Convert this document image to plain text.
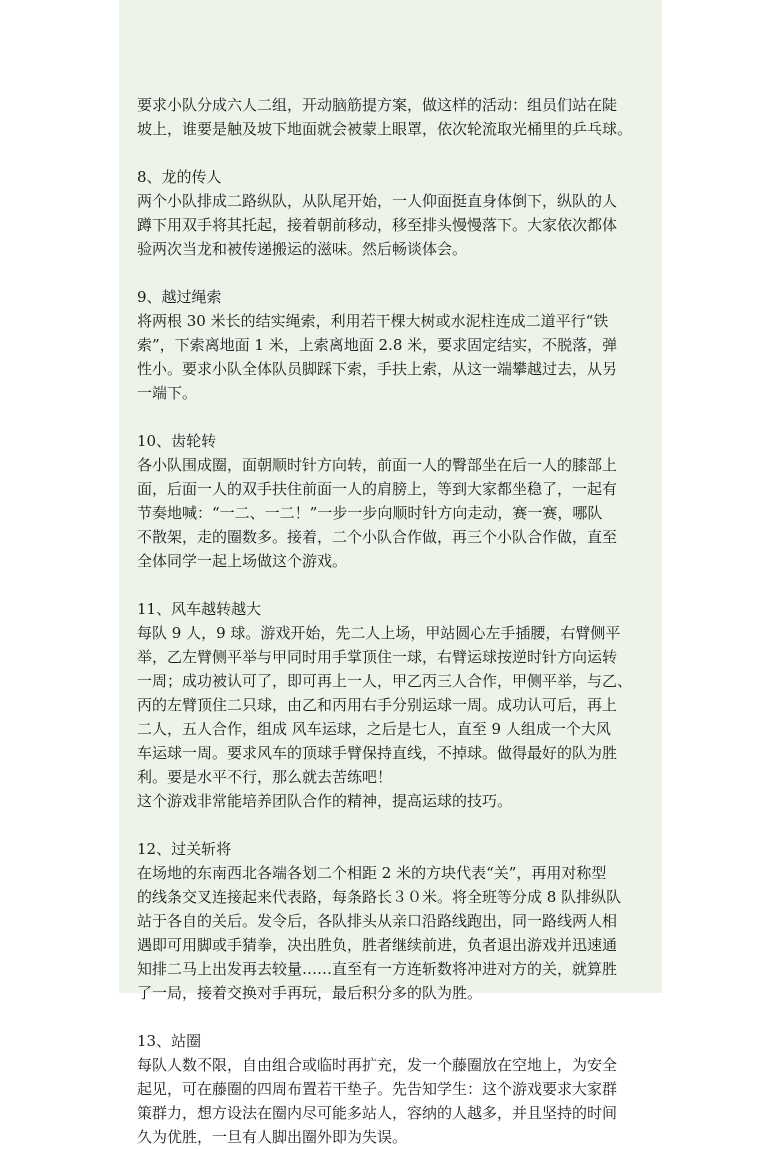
要求小队分成六人二组，开动脑筋提方案，做这样的活动：组员们站在陡
坡上，谁要是触及坡下地面就会被蒙上眼罩，依次轮流取光桶里的乒乓球。
8、龙的传人
两个小队排成二路纵队，从队尾开始，一人仰面挺直身体倒下，纵队的人
蹲下用双手将其托起，接着朝前移动，移至排头慢慢落下。大家依次都体
验两次当龙和被传递搬运的滋味。然后畅谈体会。
9、越过绳索
将两根 30 米长的结实绳索，利用若干棵大树或水泥柱连成二道平行“铁
索”，下索离地面 1 米，上索离地面 2.8 米，要求固定结实，不脱落，弹
性小。要求小队全体队员脚踩下索，手扶上索，从这一端攀越过去，从另
一端下。
10、齿轮转
各小队围成圈，面朝顺时针方向转，前面一人的臀部坐在后一人的膝部上
面，后面一人的双手扶住前面一人的肩膀上，等到大家都坐稳了，一起有
节奏地喊：“一二、一二！”一步一步向顺时针方向走动，赛一赛，哪队
不散架，走的圈数多。接着，二个小队合作做，再三个小队合作做，直至
全体同学一起上场做这个游戏。
11、风车越转越大
每队 9 人，9 球。游戏开始，先二人上场，甲站圆心左手插腰，右臂侧平
举，乙左臂侧平举与甲同时用手掌顶住一球，右臂运球按逆时针方向运转
一周；成功被认可了，即可再上一人，甲乙丙三人合作，甲侧平举，与乙、
丙的左臂顶住二只球，由乙和丙用右手分别运球一周。成功认可后，再上
二人，五人合作，组成 风车运球，之后是七人，直至 9 人组成一个大风
车运球一周。要求风车的顶球手臂保持直线，不掉球。做得最好的队为胜
利。要是水平不行，那么就去苦练吧！
这个游戏非常能培养团队合作的精神，提高运球的技巧。
12、过关斩将
在场地的东南西北各端各划二个相距 2 米的方块代表“关”，再用对称型
的线条交叉连接起来代表路，每条路长３０米。将全班等分成 8 队排纵队
站于各自的关后。发令后，各队排头从亲口沿路线跑出，同一路线两人相
遇即可用脚或手猜拳，决出胜负，胜者继续前进，负者退出游戏并迅速通
知排二马上出发再去较量……直至有一方连斩数将冲进对方的关，就算胜
了一局，接着交换对手再玩，最后积分多的队为胜。
13、站圈
每队人数不限，自由组合或临时再扩充，发一个藤圈放在空地上，为安全
起见，可在藤圈的四周布置若干垫子。先告知学生：这个游戏要求大家群
策群力，想方设法在圈内尽可能多站人，容纳的人越多，并且坚持的时间
久为优胜，一旦有人脚出圈外即为失误。
